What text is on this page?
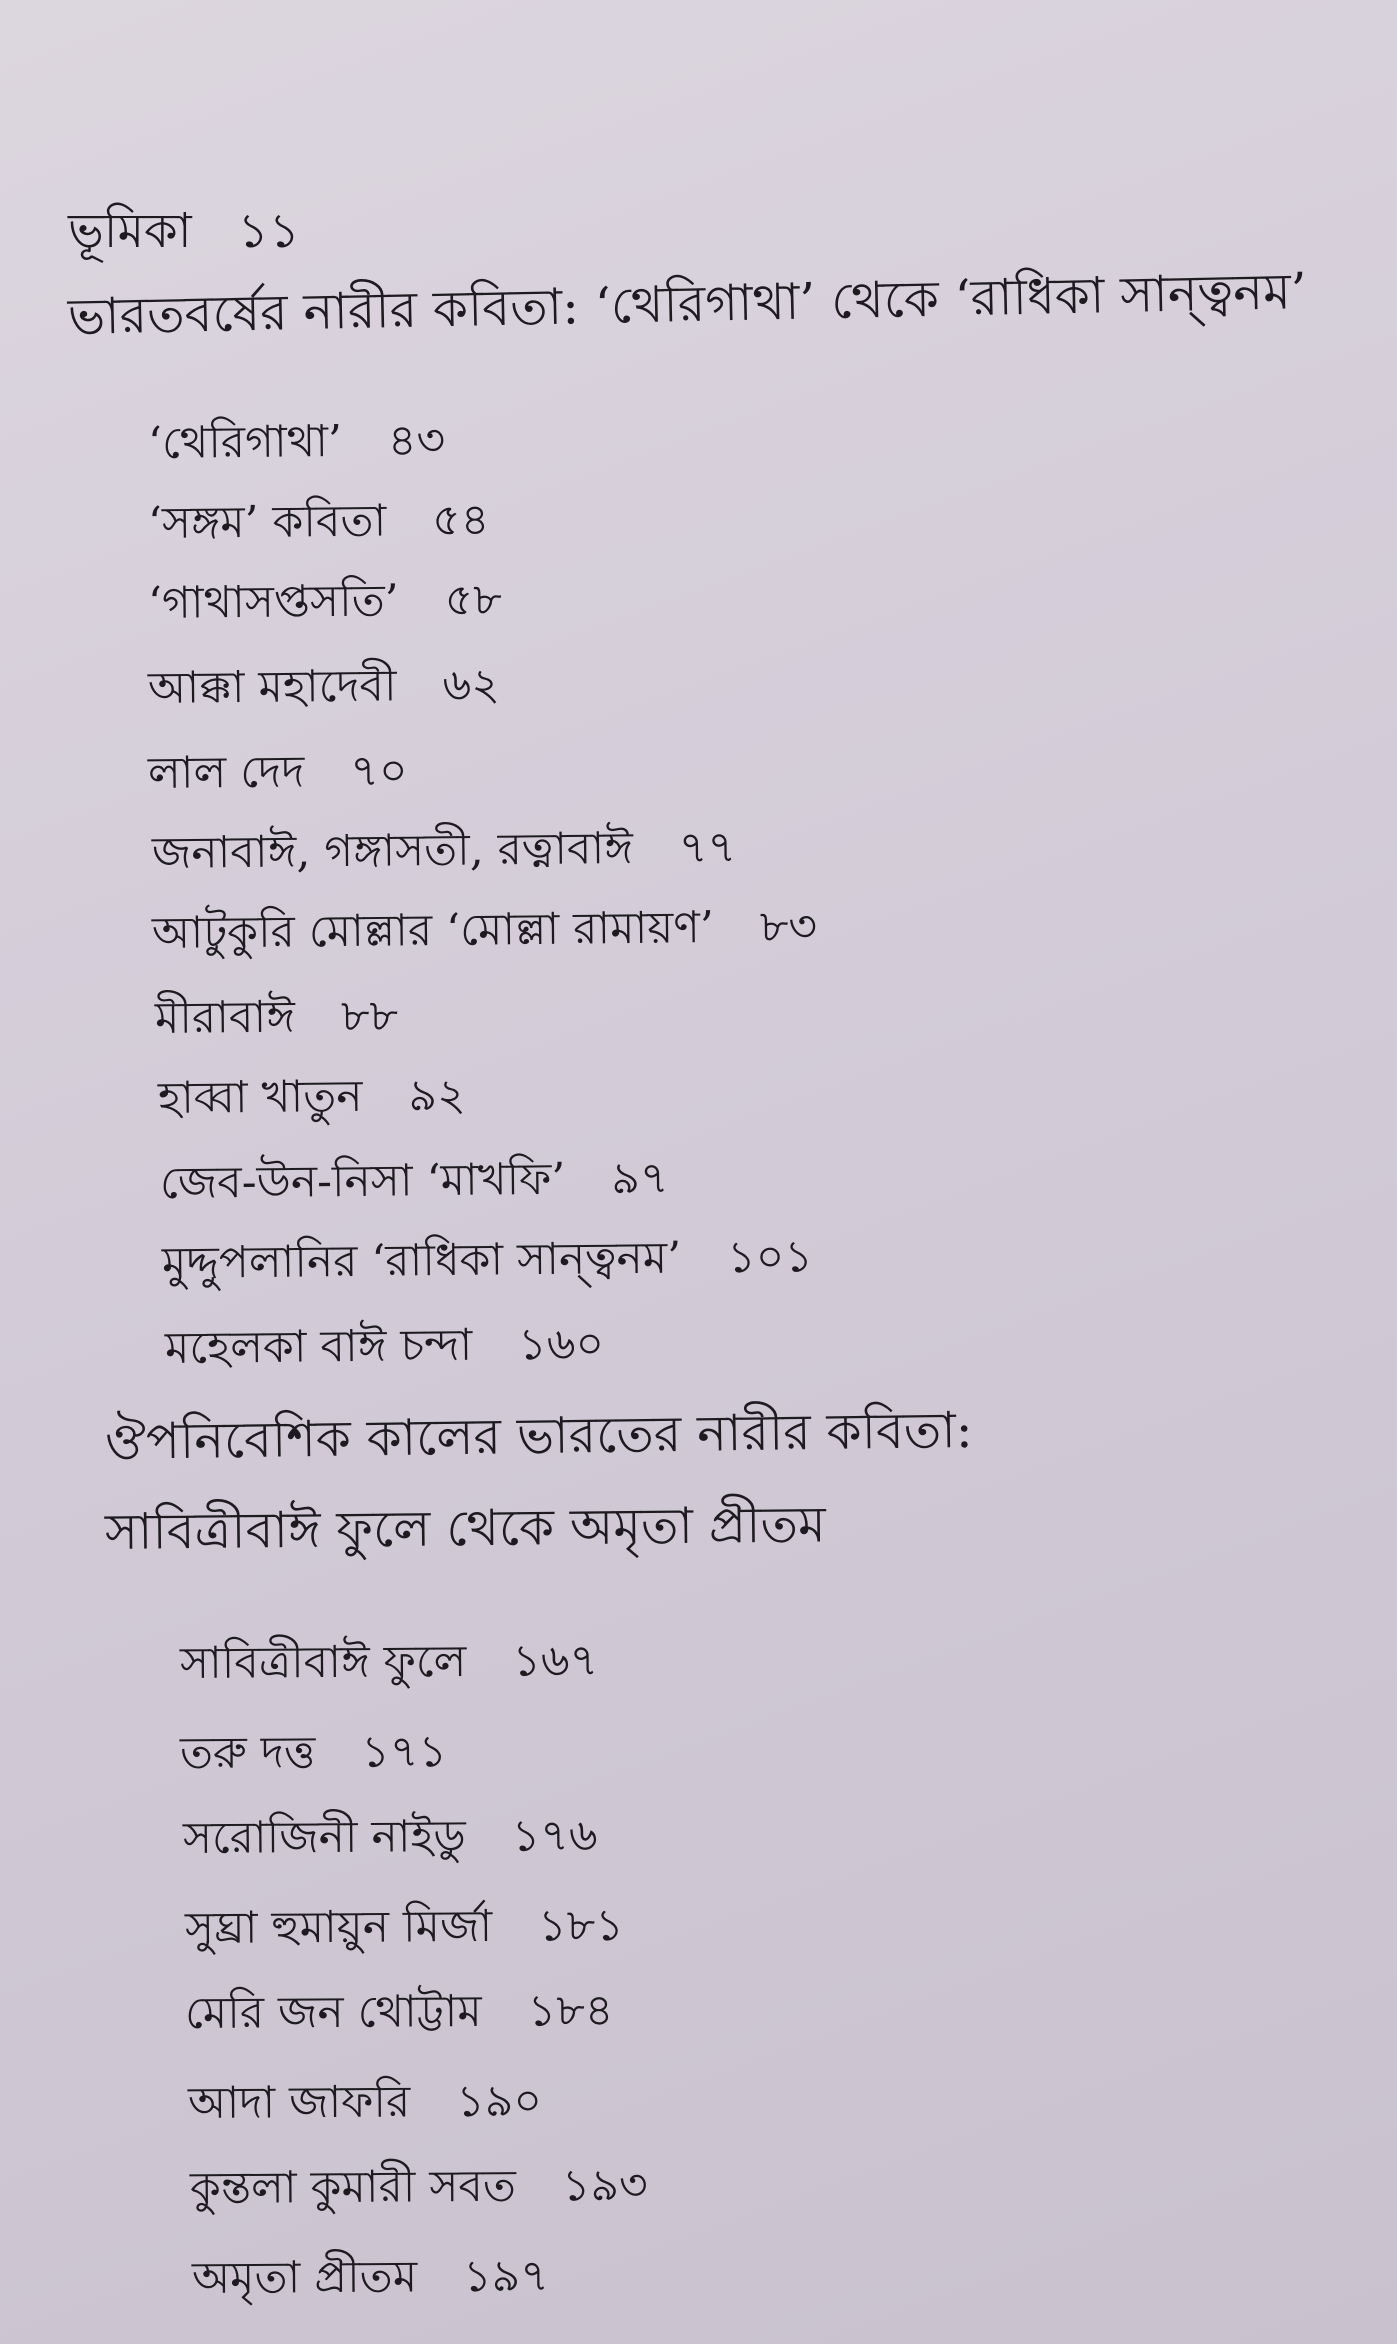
ভূমিকা ১১
ভারতবর্ষের নারীর কবিতা: ‘থেরিগাথা’ থেকে ‘রাধিকা সান্ত্বনম’
‘থেরিগাথা’ ৪৩
‘সঙ্গম’ কবিতা ৫৪
‘গাথাসপ্তসতি’ ৫৮
আক্কা মহাদেবী ৬২
লাল দেদ ৭০
জনাবাঈ, গঙ্গাসতী, রত্নাবাঈ ৭৭
আটুকুরি মোল্লার ‘মোল্লা রামায়ণ’ ৮৩
মীরাবাঈ ৮৮
হাব্বা খাতুন ৯২
জেব-উন-নিসা ‘মাখফি’ ৯৭
মুদ্দুপলানির ‘রাধিকা সান্ত্বনম’ ১০১
মহেলকা বাঈ চন্দা ১৬০
ঔপনিবেশিক কালের ভারতের নারীর কবিতা:
সাবিত্রীবাঈ ফুলে থেকে অমৃতা প্রীতম
সাবিত্রীবাঈ ফুলে ১৬৭
তরু দত্ত ১৭১
সরোজিনী নাইডু ১৭৬
সুঘ্রা হুমায়ুন মির্জা ১৮১
মেরি জন থোট্টাম ১৮৪
আদা জাফরি ১৯০
কুন্তলা কুমারী সবত ১৯৩
অমৃতা প্রীতম ১৯৭
